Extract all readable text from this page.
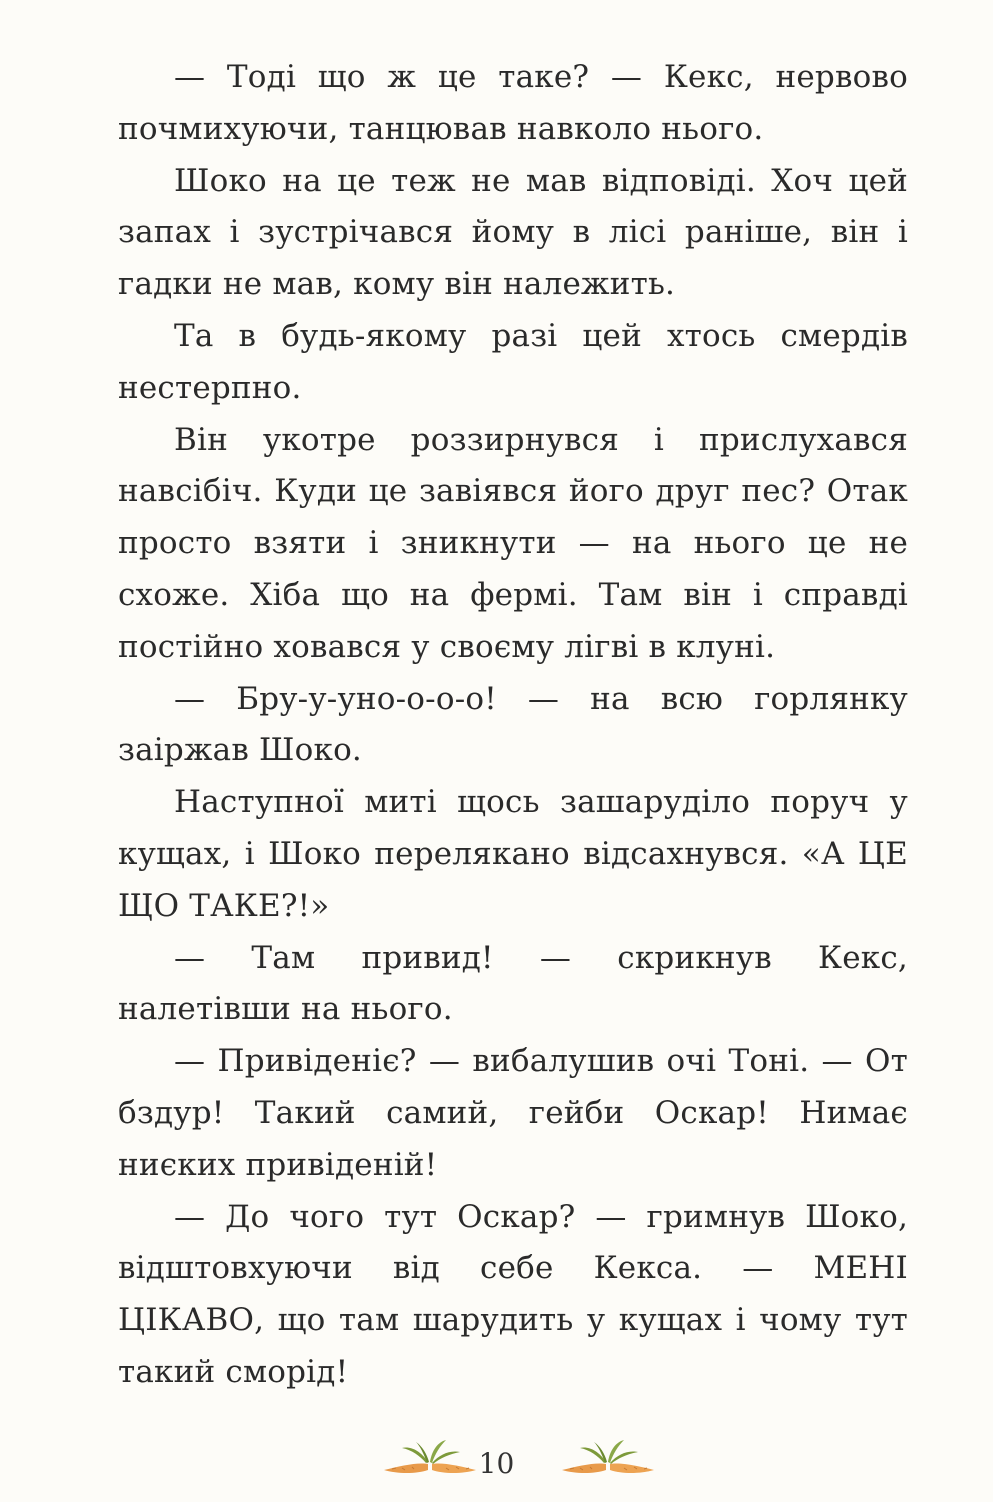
— Тоді що ж це таке? — Кекс, нервово почмихуючи, танцював навколо нього.

Шоко на це теж не мав відповіді. Хоч цей запах і зустрічався йому в лісі раніше, він і гадки не мав, кому він належить.

Та в будь-якому разі цей хтось смердів нестерпно.

Він укотре роззирнувся і прислухався навсібіч. Куди це завіявся його друг пес? Отак просто взяти і зникнути — на нього це не схоже. Хіба що на фермі. Там він і справді постійно ховався у своєму лігві в клуні.

— Бру-у-уно-о-о-о! — на всю горлянку заіржав Шоко.

Наступної миті щось зашаруділо поруч у кущах, і Шоко перелякано відсахнувся. «А ЦЕ ЩО ТАКЕ?!»

— Там привид! — скрикнув Кекс, налетівши на нього.

— Привіденіє? — вибалушив очі Тоні. — От бздур! Такий самий, гейби Оскар! Нимає ниєких привіденій!

— До чого тут Оскар? — гримнув Шоко, відштовхуючи від себе Кекса. — МЕНІ ЦІКАВО, що там шарудить у кущах і чому тут такий сморід!

10
